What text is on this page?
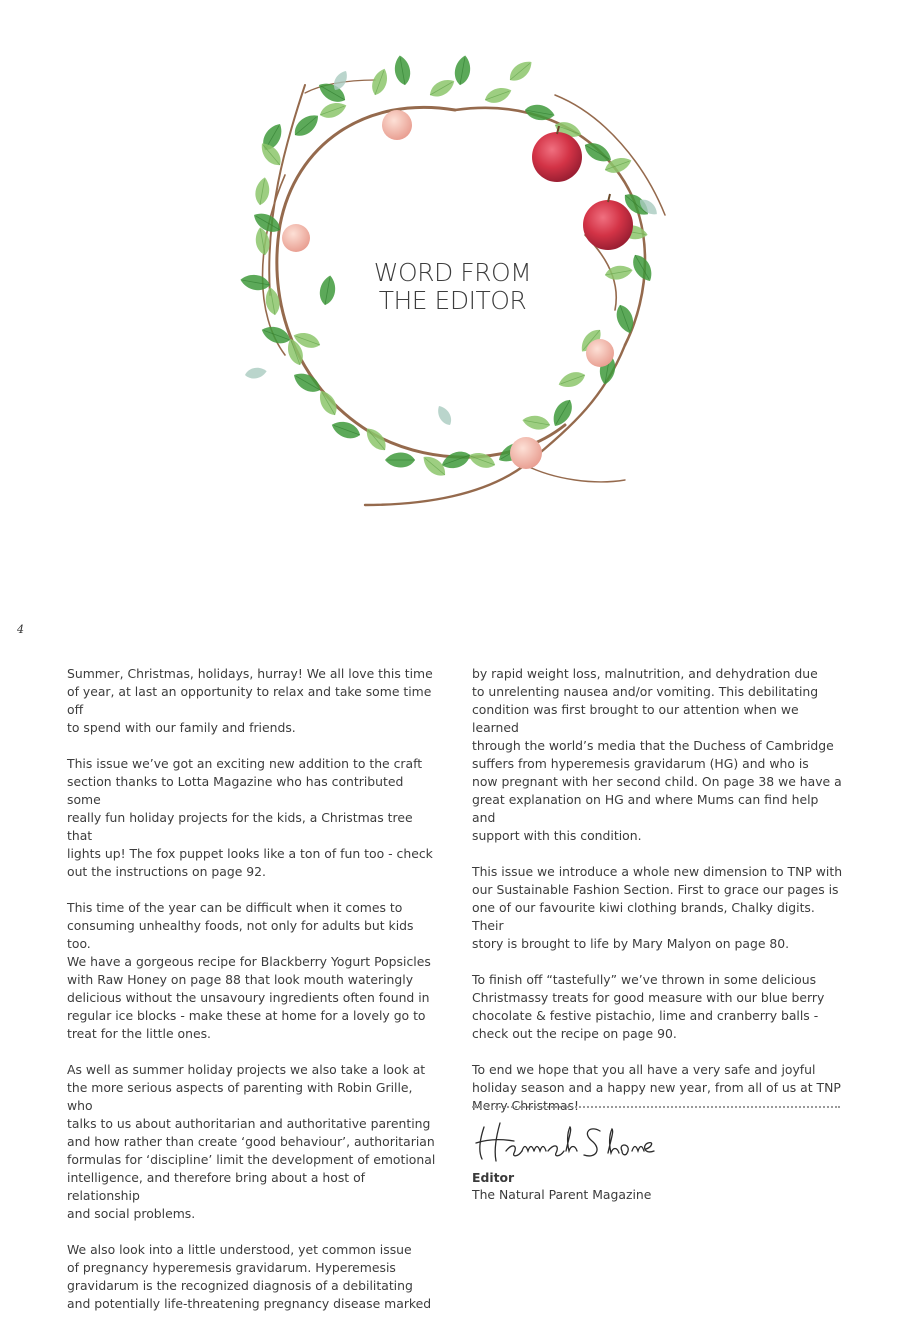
WORD FROM
THE EDITOR
4

Summer, Christmas, holidays, hurray! We all love this time
of year, at last an opportunity to relax and take some time off
to spend with our family and friends.

This issue we’ve got an exciting new addition to the craft
section thanks to Lotta Magazine who has contributed some
really fun holiday projects for the kids, a Christmas tree that
lights up! The fox puppet looks like a ton of fun too - check
out the instructions on page 92.

This time of the year can be difficult when it comes to
consuming unhealthy foods, not only for adults but kids too.
We have a gorgeous recipe for Blackberry Yogurt Popsicles
with Raw Honey on page 88 that look mouth wateringly
delicious without the unsavoury ingredients often found in
regular ice blocks - make these at home for a lovely go to
treat for the little ones.

As well as summer holiday projects we also take a look at
the more serious aspects of parenting with Robin Grille, who
talks to us about authoritarian and authoritative parenting
and how rather than create ‘good behaviour’, authoritarian
formulas for ‘discipline’ limit the development of emotional
intelligence, and therefore bring about a host of relationship
and social problems.

We also look into a little understood, yet common issue
of pregnancy hyperemesis gravidarum. Hyperemesis
gravidarum is the recognized diagnosis of a debilitating
and potentially life-threatening pregnancy disease marked

by rapid weight loss, malnutrition, and dehydration due
to unrelenting nausea and/or vomiting. This debilitating
condition was first brought to our attention when we learned
through the world’s media that the Duchess of Cambridge
suffers from hyperemesis gravidarum (HG) and who is
now pregnant with her second child. On page 38 we have a
great explanation on HG and where Mums can find help and
support with this condition.

This issue we introduce a whole new dimension to TNP with
our Sustainable Fashion Section. First to grace our pages is
one of our favourite kiwi clothing brands, Chalky digits. Their
story is brought to life by Mary Malyon on page 80.

To finish off “tastefully” we’ve thrown in some delicious
Christmassy treats for good measure with our blue berry
chocolate & festive pistachio, lime and cranberry balls -
check out the recipe on page 90.

To end we hope that you all have a very safe and joyful
holiday season and a happy new year, from all of us at TNP
Merry Christmas!

Editor
The Natural Parent Magazine
